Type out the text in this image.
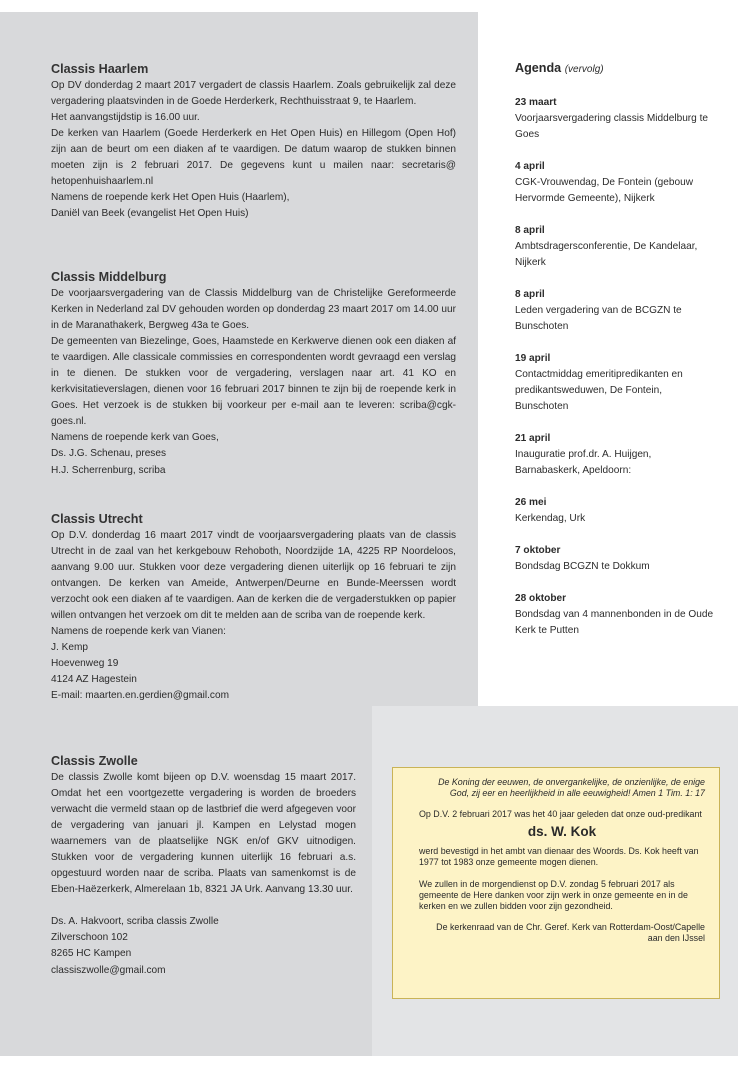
Classis Haarlem

Op DV donderdag 2 maart 2017 vergadert de classis Haarlem. Zoals gebruikelijk zal deze vergadering plaatsvinden in de Goede Herderkerk, Rechthuisstraat 9, te Haarlem.

Het aanvangstijdstip is 16.00 uur.

De kerken van Haarlem (Goede Herderkerk en Het Open Huis) en Hillegom (Open Hof) zijn aan de beurt om een diaken af te vaardigen. De datum waarop de stukken binnen moeten zijn is 2 februari 2017. De gegevens kunt u mailen naar: secretaris@ hetopenhuishaarlem.nl

Namens de roepende kerk Het Open Huis (Haarlem),

Daniël van Beek (evangelist Het Open Huis)

Classis Middelburg

De voorjaarsvergadering van de Classis Middelburg van de Christelijke Gereformeerde Kerken in Nederland zal DV gehouden worden op donderdag 23 maart 2017 om 14.00 uur in de Maranathakerk, Bergweg 43a te Goes.

De gemeenten van Biezelinge, Goes, Haamstede en Kerkwerve dienen ook een diaken af te vaardigen. Alle classicale commissies en correspondenten wordt gevraagd een verslag in te dienen. De stukken voor de vergadering, verslagen naar art. 41 KO en kerkvisitatieverslagen, dienen voor 16 februari 2017 binnen te zijn bij de roepende kerk in Goes. Het verzoek is de stukken bij voorkeur per e-mail aan te leveren: scriba@cgk-goes.nl.

Namens de roepende kerk van Goes,

Ds. J.G. Schenau, preses

H.J. Scherrenburg, scriba

Classis Utrecht

Op D.V. donderdag 16 maart 2017 vindt de voorjaarsvergadering plaats van de classis Utrecht in de zaal van het kerkgebouw Rehoboth, Noordzijde 1A, 4225 RP Noordeloos, aanvang 9.00 uur. Stukken voor deze vergadering dienen uiterlijk op 16 februari te zijn ontvangen. De kerken van Ameide, Antwerpen/Deurne en Bunde-Meerssen wordt verzocht ook een diaken af te vaardigen. Aan de kerken die de vergaderstukken op papier willen ontvangen het verzoek om dit te melden aan de scriba van de roepende kerk.

Namens de roepende kerk van Vianen:

J. Kemp

Hoevenweg 19

4124 AZ Hagestein

E-mail: maarten.en.gerdien@gmail.com

Classis Zwolle

De classis Zwolle komt bijeen op D.V. woensdag 15 maart 2017. Omdat het een voortgezette vergadering is worden de broeders verwacht die vermeld staan op de lastbrief die werd afgegeven voor de vergadering van januari jl. Kampen en Lelystad mogen waarnemers van de plaatselijke NGK en/of GKV uitnodigen. Stukken voor de vergadering kunnen uiterlijk 16 februari a.s. opgestuurd worden naar de scriba. Plaats van samenkomst is de Eben-Haëzerkerk, Almerelaan 1b, 8321 JA Urk. Aanvang 13.30 uur.

Ds. A. Hakvoort, scriba classis Zwolle

Zilverschoon 102

8265 HC Kampen

classiszwolle@gmail.com

Agenda (vervolg)
23 maart
Voorjaarsvergadering classis Middelburg te Goes
4 april
CGK-Vrouwendag, De Fontein (gebouw Hervormde Gemeente), Nijkerk
8 april
Ambtsdragersconferentie, De Kandelaar, Nijkerk
8 april
Leden vergadering van de BCGZN te Bunschoten
19 april
Contactmiddag emeritipredikanten en predikantsweduwen, De Fontein, Bunschoten
21 april
Inauguratie prof.dr. A. Huijgen, Barnabaskerk, Apeldoorn:
26 mei
Kerkendag, Urk
7 oktober
Bondsdag BCGZN te Dokkum
28 oktober
Bondsdag van 4 mannenbonden in de Oude Kerk te Putten

De Koning der eeuwen, de onvergankelijke, de onzienlijke, de enige God, zij eer en heerlijkheid in alle eeuwigheid! Amen 1 Tim. 1: 17

Op D.V. 2 februari 2017 was het 40 jaar geleden dat onze oud-predikant

ds. W. Kok

werd bevestigd in het ambt van dienaar des Woords. Ds. Kok heeft van 1977 tot 1983 onze gemeente mogen dienen.

We zullen in de morgendienst op D.V. zondag 5 februari 2017 als gemeente de Here danken voor zijn werk in onze gemeente en in de kerken en we zullen bidden voor zijn gezondheid.

De kerkenraad van de Chr. Geref. Kerk van Rotterdam-Oost/Capelle aan den IJssel
